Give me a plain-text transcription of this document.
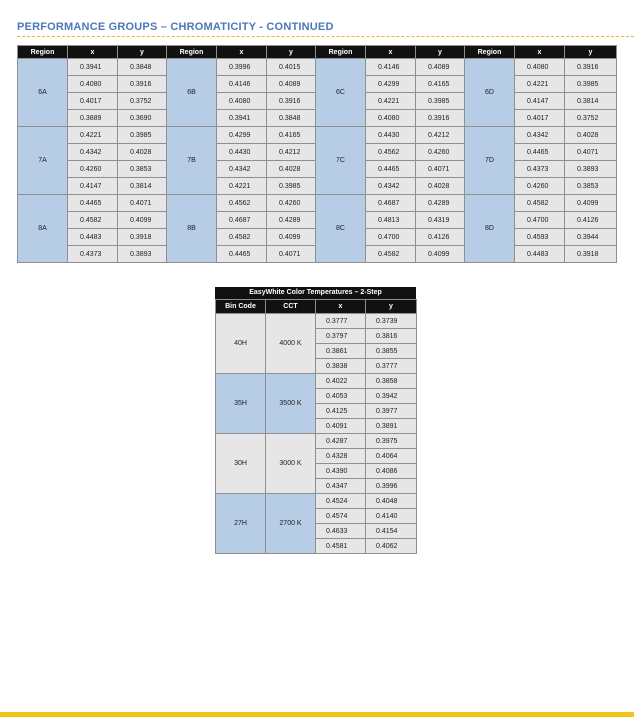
PERFORMANCE GROUPS – CHROMATICITY - CONTINUED
Region	x	y	Region	x	y	Region	x	y	Region	x	y
6A	0.3941	0.3848	6B	0.3996	0.4015	6C	0.4146	0.4089	6D	0.4080	0.3916
	0.4080	0.3916		0.4146	0.4089		0.4299	0.4165		0.4221	0.3985
	0.4017	0.3752		0.4080	0.3916		0.4221	0.3985		0.4147	0.3814
	0.3889	0.3690		0.3941	0.3848		0.4080	0.3916		0.4017	0.3752
7A	0.4221	0.3985	7B	0.4299	0.4165	7C	0.4430	0.4212	7D	0.4342	0.4028
	0.4342	0.4028		0.4430	0.4212		0.4562	0.4260		0.4465	0.4071
	0.4260	0.3853		0.4342	0.4028		0.4465	0.4071		0.4373	0.3893
	0.4147	0.3814		0.4221	0.3985		0.4342	0.4028		0.4260	0.3853
8A	0.4465	0.4071	8B	0.4562	0.4260	8C	0.4687	0.4289	8D	0.4582	0.4099
	0.4582	0.4099		0.4687	0.4289		0.4813	0.4319		0.4700	0.4126
	0.4483	0.3918		0.4582	0.4099		0.4700	0.4126		0.4593	0.3944
	0.4373	0.3893		0.4465	0.4071		0.4582	0.4099		0.4483	0.3918
EasyWhite Color Temperatures – 2-Step
Bin Code	CCT	x	y
40H	4000 K	0.3777	0.3739
		0.3797	0.3816
		0.3861	0.3855
		0.3838	0.3777
35H	3500 K	0.4022	0.3858
		0.4053	0.3942
		0.4125	0.3977
		0.4091	0.3891
30H	3000 K	0.4287	0.3975
		0.4328	0.4064
		0.4390	0.4086
		0.4347	0.3996
27H	2700 K	0.4524	0.4048
		0.4574	0.4140
		0.4633	0.4154
		0.4581	0.4062
